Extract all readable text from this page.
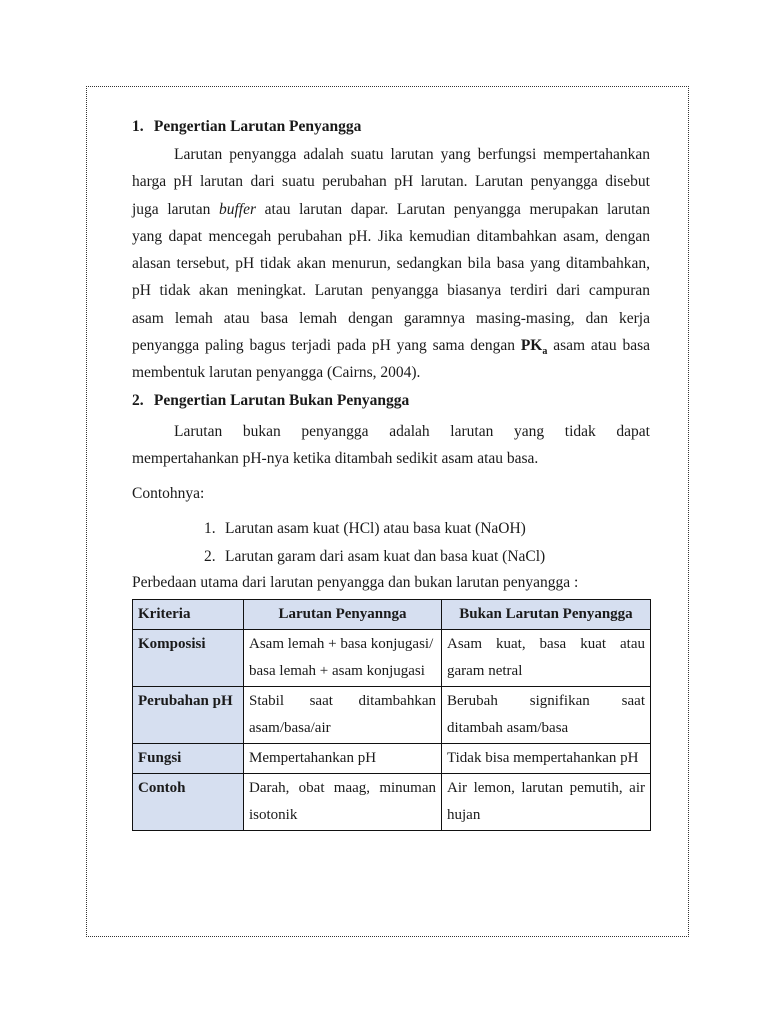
1. Pengertian Larutan Penyangga

Larutan penyangga adalah suatu larutan yang berfungsi mempertahankan
harga pH larutan dari suatu perubahan pH larutan. Larutan penyangga disebut
juga larutan buffer atau larutan dapar. Larutan penyangga merupakan larutan
yang dapat mencegah perubahan pH. Jika kemudian ditambahkan asam, dengan
alasan tersebut, pH tidak akan menurun, sedangkan bila basa yang ditambahkan,
pH tidak akan meningkat. Larutan penyangga biasanya terdiri dari campuran
asam lemah atau basa lemah dengan garamnya masing-masing, dan kerja
penyangga paling bagus terjadi pada pH yang sama dengan $PK_a$ asam atau basa
membentuk larutan penyangga (Cairns, 2004).

2. Pengertian Larutan Bukan Penyangga

Larutan bukan penyangga adalah larutan yang tidak dapat
mempertahankan pH-nya ketika ditambah sedikit asam atau basa.

Contohnya:

1. Larutan asam kuat (HCl) atau basa kuat (NaOH)
2. Larutan garam dari asam kuat dan basa kuat (NaCl)

Perbedaan utama dari larutan penyangga dan bukan larutan penyangga :

Kriteria	Larutan Penyannga	Bukan Larutan Penyangga
Komposisi	Asam lemah + basa konjugasi/ basa lemah + asam konjugasi	Asam kuat, basa kuat atau garam netral
Perubahan pH	Stabil saat ditambahkan asam/basa/air	Berubah signifikan saat ditambah asam/basa
Fungsi	Mempertahankan pH	Tidak bisa mempertahankan pH
Contoh	Darah, obat maag, minuman isotonik	Air lemon, larutan pemutih, air hujan
